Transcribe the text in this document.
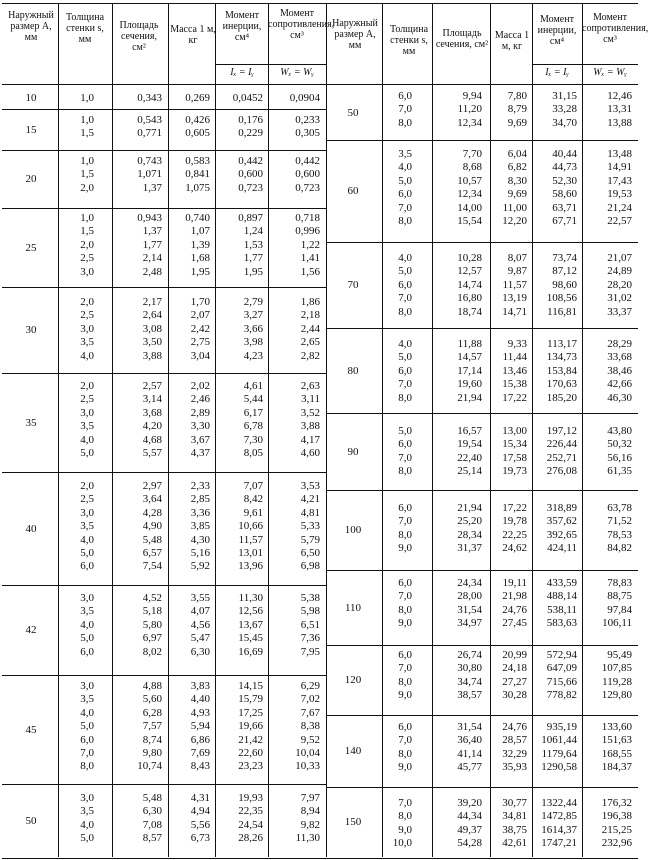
Наружный размер A, мм
Толщина стенки s, мм
Площадь сечения, см²
Масса 1 м, кг
Момент инерции, см⁴
Момент сопротивления, см³
Iₓ = Iᵧ	Wₓ = Wᵧ
Наружный размер A, мм
Толщина стенки s, мм
Площадь сечения, см²
Масса 1 м, кг
Момент инерции, см⁴
Момент сопротивления, см³
Iₓ = Iᵧ	Wₓ = Wᵧ
10	1,0	0,343	0,269	0,0452	0,0904
15
1,0	0,543	0,426	0,176	0,233
1,5	0,771	0,605	0,229	0,305
20
1,0	0,743	0,583	0,442	0,442
1,5	1,071	0,841	0,600	0,600
2,0	1,37	1,075	0,723	0,723
25
1,0	0,943	0,740	0,897	0,718
1,5	1,37	1,07	1,24	0,996
2,0	1,77	1,39	1,53	1,22
2,5	2,14	1,68	1,77	1,41
3,0	2,48	1,95	1,95	1,56
30
2,0	2,17	1,70	2,79	1,86
2,5	2,64	2,07	3,27	2,18
3,0	3,08	2,42	3,66	2,44
3,5	3,50	2,75	3,98	2,65
4,0	3,88	3,04	4,23	2,82
35
2,0	2,57	2,02	4,61	2,63
2,5	3,14	2,46	5,44	3,11
3,0	3,68	2,89	6,17	3,52
3,5	4,20	3,30	6,78	3,88
4,0	4,68	3,67	7,30	4,17
5,0	5,57	4,37	8,05	4,60
40
2,0	2,97	2,33	7,07	3,53
2,5	3,64	2,85	8,42	4,21
3,0	4,28	3,36	9,61	4,81
3,5	4,90	3,85	10,66	5,33
4,0	5,48	4,30	11,57	5,79
5,0	6,57	5,16	13,01	6,50
6,0	7,54	5,92	13,96	6,98
42
3,0	4,52	3,55	11,30	5,38
3,5	5,18	4,07	12,56	5,98
4,0	5,80	4,56	13,67	6,51
5,0	6,97	5,47	15,45	7,36
6,0	8,02	6,30	16,69	7,95
45
3,0	4,88	3,83	14,15	6,29
3,5	5,60	4,40	15,79	7,02
4,0	6,28	4,93	17,25	7,67
5,0	7,57	5,94	19,66	8,38
6,0	8,74	6,86	21,42	9,52
7,0	9,80	7,69	22,60	10,04
8,0	10,74	8,43	23,23	10,33
50
3,0	5,48	4,31	19,93	7,97
3,5	6,30	4,94	22,35	8,94
4,0	7,08	5,56	24,54	9,82
5,0	8,57	6,73	28,26	11,30
50
6,0	9,94	7,80	31,15	12,46
7,0	11,20	8,79	33,28	13,31
8,0	12,34	9,69	34,70	13,88
60
3,5	7,70	6,04	40,44	13,48
4,0	8,68	6,82	44,73	14,91
5,0	10,57	8,30	52,30	17,43
6,0	12,34	9,69	58,60	19,53
7,0	14,00	11,00	63,71	21,24
8,0	15,54	12,20	67,71	22,57
70
4,0	10,28	8,07	73,74	21,07
5,0	12,57	9,87	87,12	24,89
6,0	14,74	11,57	98,60	28,20
7,0	16,80	13,19	108,56	31,02
8,0	18,74	14,71	116,81	33,37
80
4,0	11,88	9,33	113,17	28,29
5,0	14,57	11,44	134,73	33,68
6,0	17,14	13,46	153,84	38,46
7,0	19,60	15,38	170,63	42,66
8,0	21,94	17,22	185,20	46,30
90
5,0	16,57	13,00	197,12	43,80
6,0	19,54	15,34	226,44	50,32
7,0	22,40	17,58	252,71	56,16
8,0	25,14	19,73	276,08	61,35
100
6,0	21,94	17,22	318,89	63,78
7,0	25,20	19,78	357,62	71,52
8,0	28,34	22,25	392,65	78,53
9,0	31,37	24,62	424,11	84,82
110
6,0	24,34	19,11	433,59	78,83
7,0	28,00	21,98	488,14	88,75
8,0	31,54	24,76	538,11	97,84
9,0	34,97	27,45	583,63	106,11
120
6,0	26,74	20,99	572,94	95,49
7,0	30,80	24,18	647,09	107,85
8,0	34,74	27,27	715,66	119,28
9,0	38,57	30,28	778,82	129,80
140
6,0	31,54	24,76	935,19	133,60
7,0	36,40	28,57	1061,44	151,63
8,0	41,14	32,29	1179,64	168,55
9,0	45,77	35,93	1290,58	184,37
150
7,0	39,20	30,77	1322,44	176,32
8,0	44,34	34,81	1472,85	196,38
9,0	49,37	38,75	1614,37	215,25
10,0	54,28	42,61	1747,21	232,96
